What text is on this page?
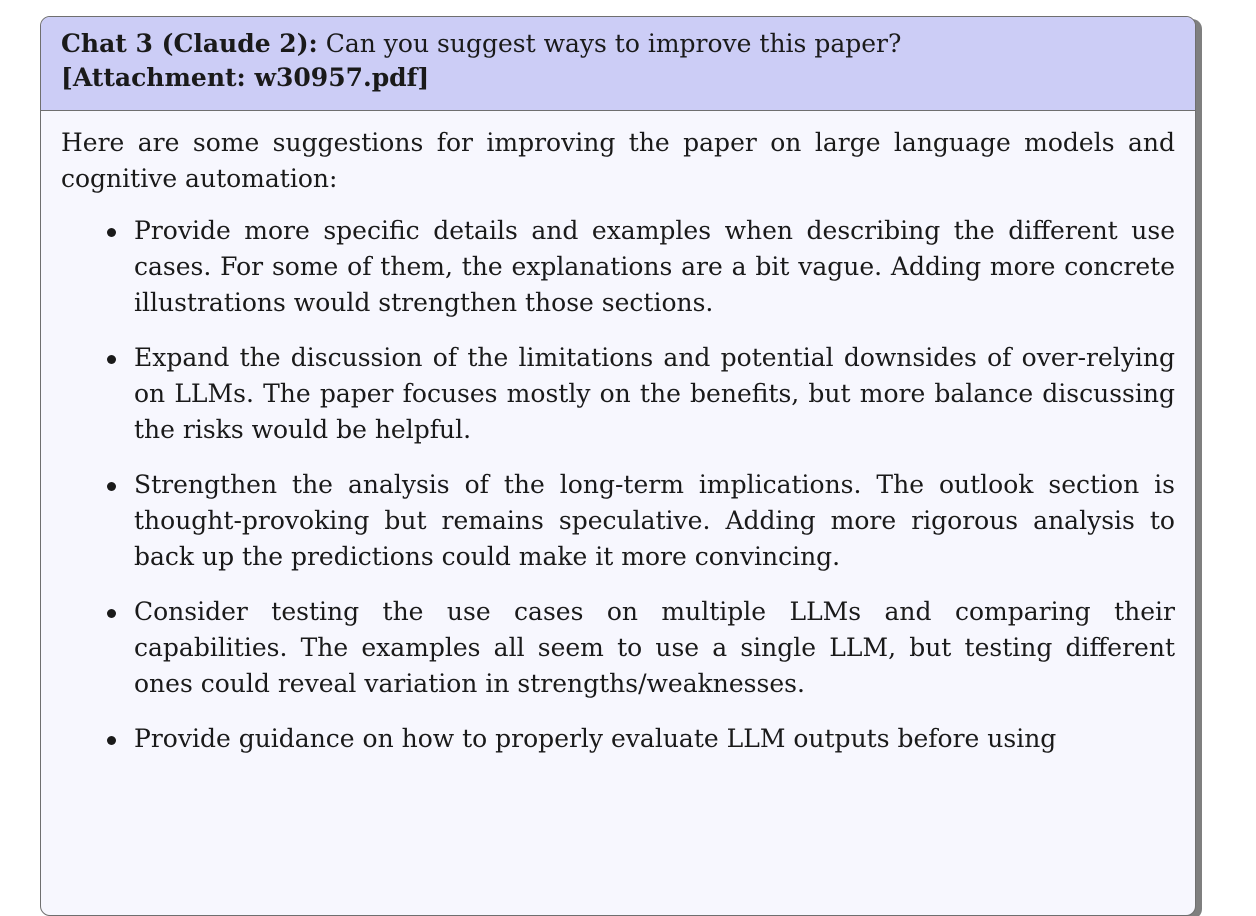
Chat 3 (Claude 2): Can you suggest ways to improve this paper?
[Attachment: w30957.pdf]

Here are some suggestions for improving the paper on large language models and cognitive automation:

Provide more specific details and examples when describing the different use cases. For some of them, the explanations are a bit vague. Adding more concrete illustrations would strengthen those sections.
Expand the discussion of the limitations and potential downsides of over-relying on LLMs. The paper focuses mostly on the benefits, but more balance discussing the risks would be helpful.
Strengthen the analysis of the long-term implications. The outlook section is thought-provoking but remains speculative. Adding more rigorous analysis to back up the predictions could make it more convincing.
Consider testing the use cases on multiple LLMs and comparing their capabilities. The examples all seem to use a single LLM, but testing different ones could reveal variation in strengths/weaknesses.
Provide guidance on how to properly evaluate LLM outputs before using
